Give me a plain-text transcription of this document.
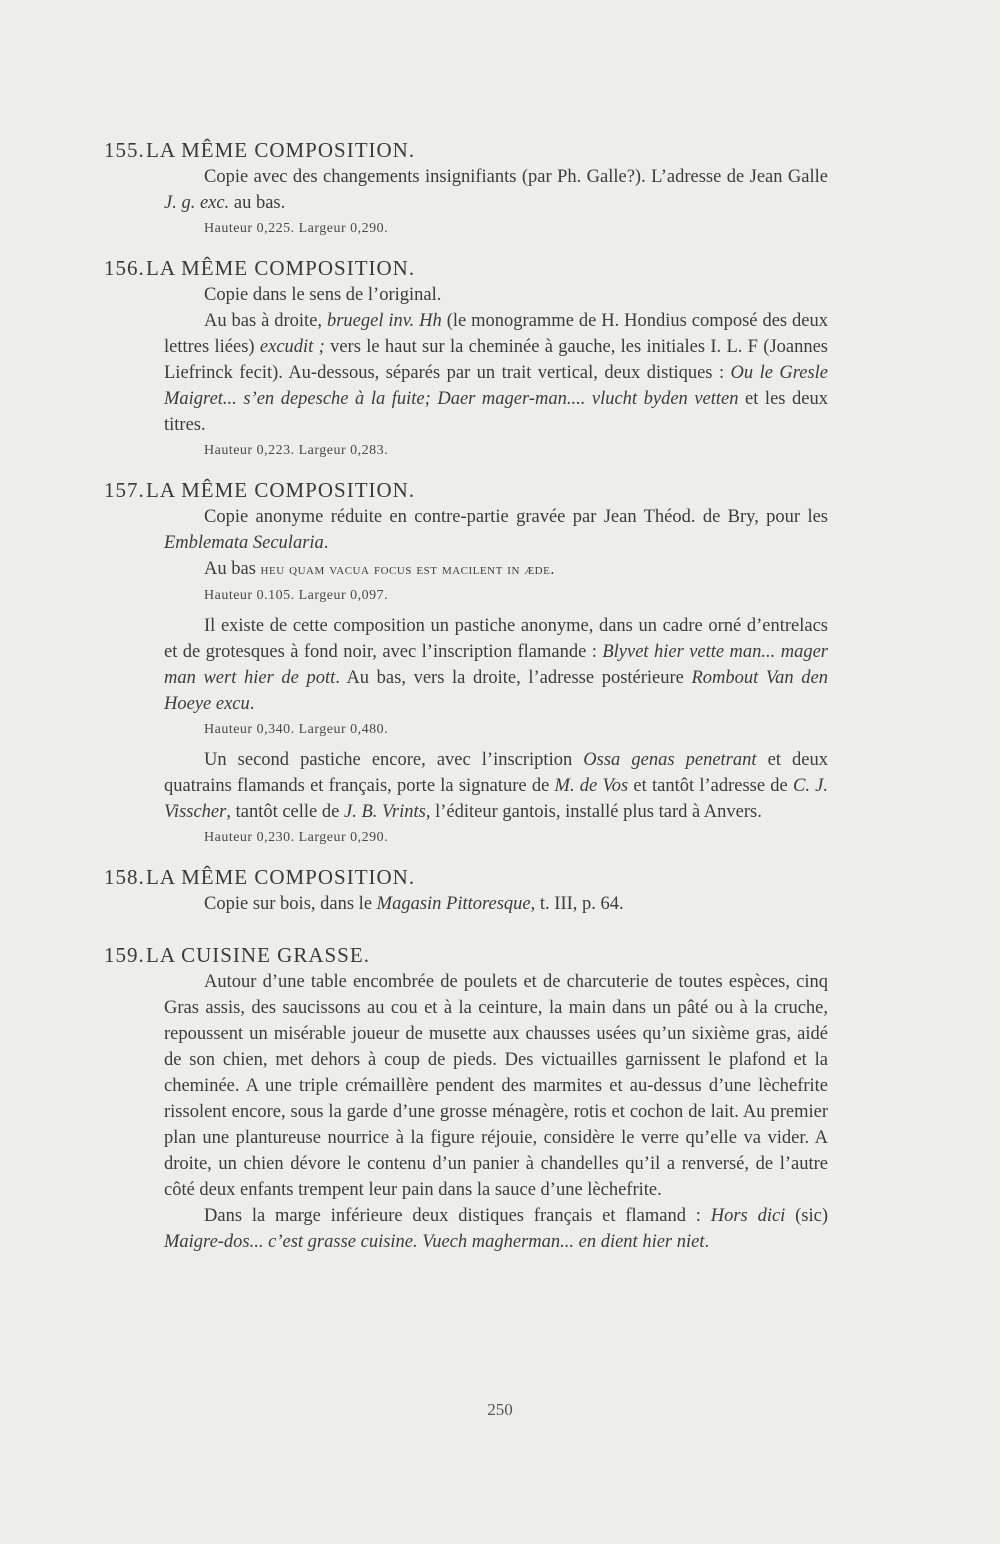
155.LA MÊME COMPOSITION.

Copie avec des changements insignifiants (par Ph. Galle?). L’adresse de Jean Galle J. g. exc. au bas.

Hauteur 0,225. Largeur 0,290.

156.LA MÊME COMPOSITION.

Copie dans le sens de l’original.

Au bas à droite, bruegel inv. Hh (le monogramme de H. Hondius composé des deux lettres liées) excudit ; vers le haut sur la cheminée à gauche, les initiales I. L. F (Joannes Liefrinck fecit). Au-dessous, séparés par un trait vertical, deux distiques : Ou le Gresle Maigret... s’en depesche à la fuite; Daer mager-man.... vlucht byden vetten et les deux titres.

Hauteur 0,223. Largeur 0,283.

157.LA MÊME COMPOSITION.

Copie anonyme réduite en contre-partie gravée par Jean Théod. de Bry, pour les Emblemata Secularia.

Au bas heu quam vacua focus est macilent in ædе.

Hauteur 0.105. Largeur 0,097.

Il existe de cette composition un pastiche anonyme, dans un cadre orné d’entrelacs et de grotesques à fond noir, avec l’inscription flamande : Blyvet hier vette man... mager man wert hier de pott. Au bas, vers la droite, l’adresse postérieure Rombout Van den Hoeye excu.

Hauteur 0,340. Largeur 0,480.

Un second pastiche encore, avec l’inscription Ossa genas penetrant et deux quatrains flamands et français, porte la signature de M. de Vos et tantôt l’adresse de C. J. Visscher, tantôt celle de J. B. Vrints, l’éditeur gantois, installé plus tard à Anvers.

Hauteur 0,230. Largeur 0,290.

158.LA MÊME COMPOSITION.

Copie sur bois, dans le Magasin Pittoresque, t. III, p. 64.

159.LA CUISINE GRASSE.

Autour d’une table encombrée de poulets et de charcuterie de toutes espèces, cinq Gras assis, des saucissons au cou et à la ceinture, la main dans un pâté ou à la cruche, repoussent un misérable joueur de musette aux chausses usées qu’un sixième gras, aidé de son chien, met dehors à coup de pieds. Des victuailles garnissent le plafond et la cheminée. A une triple crémaillère pendent des marmites et au-dessus d’une lèchefrite rissolent encore, sous la garde d’une grosse ménagère, rotis et cochon de lait. Au premier plan une plantureuse nourrice à la figure réjouie, considère le verre qu’elle va vider. A droite, un chien dévore le contenu d’un panier à chandelles qu’il a renversé, de l’autre côté deux enfants trempent leur pain dans la sauce d’une lèchefrite.

Dans la marge inférieure deux distiques français et flamand : Hors dici (sic) Maigre-dos... c’est grasse cuisine. Vuech magherman... en dient hier niet.

250
